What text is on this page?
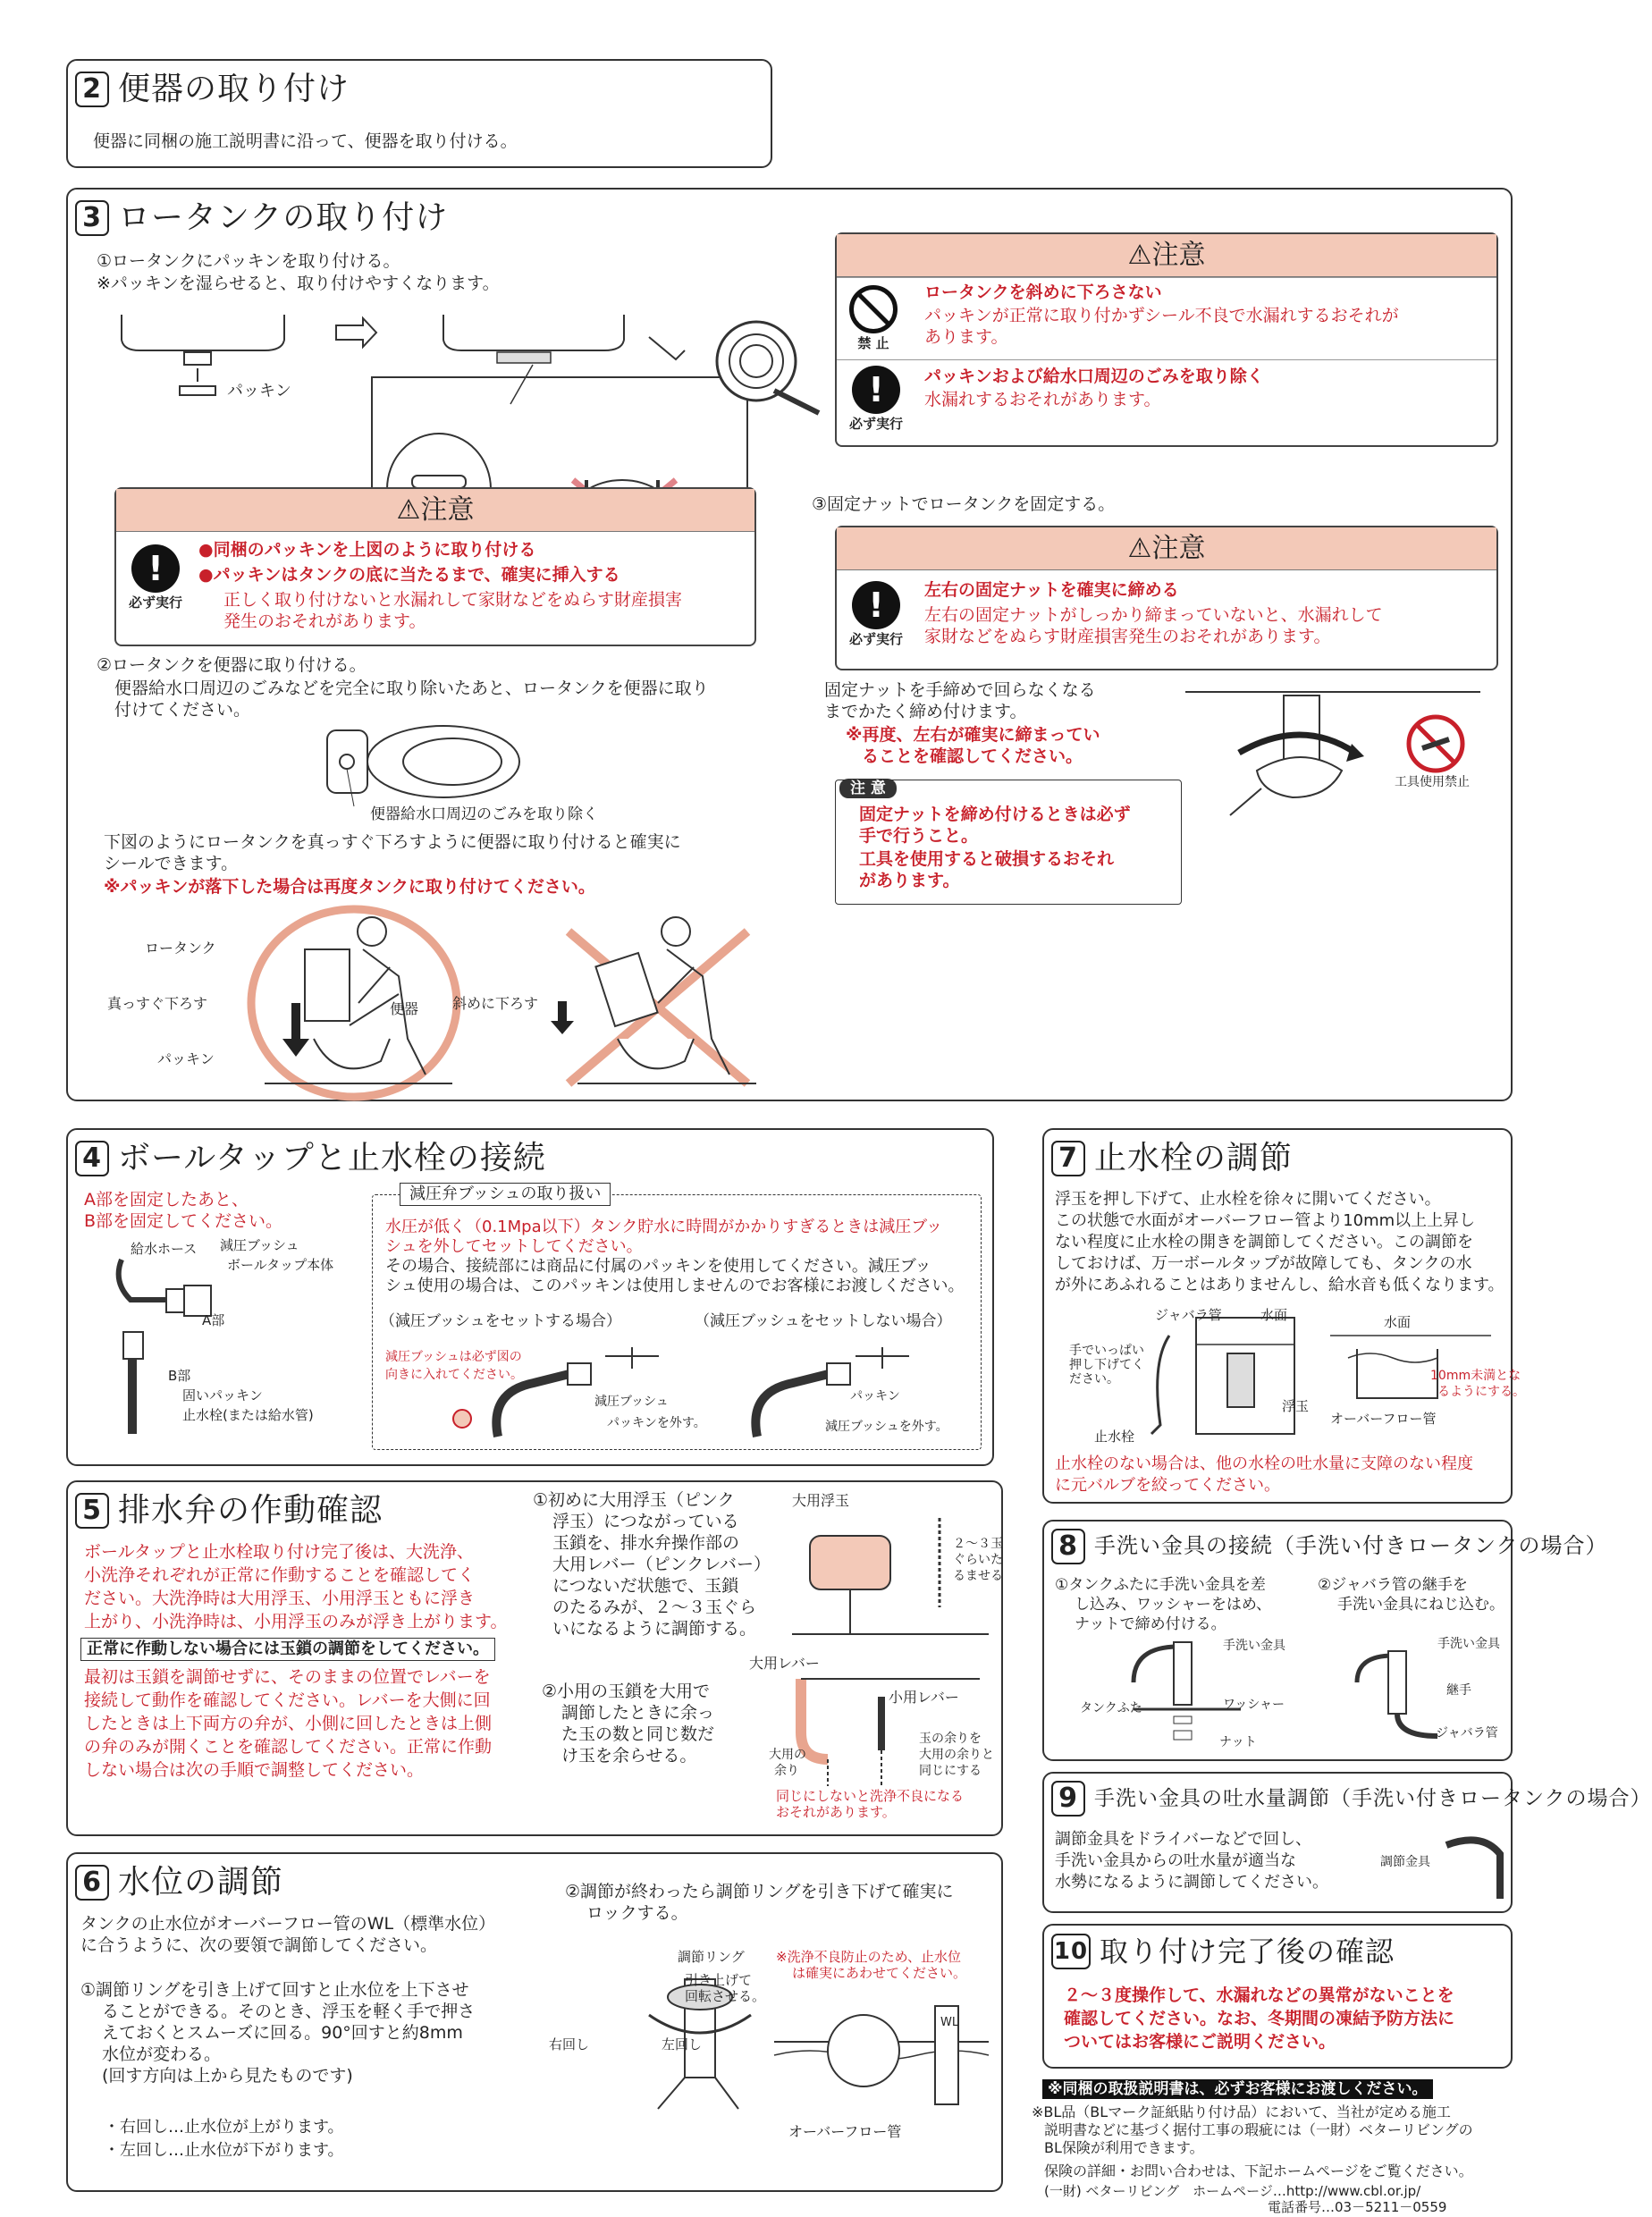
2 便器の取り付け
便器に同梱の施工説明書に沿って、便器を取り付ける。
3 ロータンクの取り付け
①ロータンクにパッキンを取り付ける。
※パッキンを湿らせると、取り付けやすくなります。
パッキン
⚠注意
!
必ず実行
●同梱のパッキンを上図のように取り付ける
●パッキンはタンクの底に当たるまで、確実に挿入する
正しく取り付けないと水漏れして家財などをぬらす財産損害
発生のおそれがあります。
②ロータンクを便器に取り付ける。
便器給水口周辺のごみなどを完全に取り除いたあと、ロータンクを便器に取り
付けてください。
便器給水口周辺のごみを取り除く
下図のようにロータンクを真っすぐ下ろすように便器に取り付けると確実に
シールできます。
※パッキンが落下した場合は再度タンクに取り付けてください。
ロータンク
真っすぐ下ろす	便器
パッキン
斜めに下ろす
⚠注意
禁 止
ロータンクを斜めに下ろさない
パッキンが正常に取り付かずシール不良で水漏れするおそれが
あります。
!
必ず実行
パッキンおよび給水口周辺のごみを取り除く
水漏れするおそれがあります。
③固定ナットでロータンクを固定する。
⚠注意
!
必ず実行
左右の固定ナットを確実に締める
左右の固定ナットがしっかり締まっていないと、水漏れして
家財などをぬらす財産損害発生のおそれがあります。
固定ナットを手締めで回らなくなる
までかたく締め付けます。
※再度、左右が確実に締まってい
ることを確認してください。
注 意
固定ナットを締め付けるときは必ず
手で行うこと。
工具を使用すると破損するおそれ
があります。
工具使用禁止
4 ボールタップと止水栓の接続
A部を固定したあと、
B部を固定してください。
給水ホース 減圧ブッシュ
ボールタップ本体
A部
B部
固いパッキン
止水栓(または給水管)
減圧弁ブッシュの取り扱い
水圧が低く（0.1Mpa以下）タンク貯水に時間がかかりすぎるときは減圧ブッ
シュを外してセットしてください。
その場合、接続部には商品に付属のパッキンを使用してください。減圧ブッ
シュ使用の場合は、このパッキンは使用しませんのでお客様にお渡しください。
（減圧ブッシュをセットする場合）	（減圧ブッシュをセットしない場合）
減圧ブッシュは必ず図の
向きに入れてください。
減圧ブッシュ
パッキンを外す。
パッキン
減圧ブッシュを外す。
5 排水弁の作動確認
ボールタップと止水栓取り付け完了後は、大洗浄、
小洗浄それぞれが正常に作動することを確認してく
ださい。大洗浄時は大用浮玉、小用浮玉ともに浮き
上がり、小洗浄時は、小用浮玉のみが浮き上がります。
正常に作動しない場合には玉鎖の調節をしてください。
最初は玉鎖を調節せずに、そのままの位置でレバーを
接続して動作を確認してください。レバーを大側に回
したときは上下両方の弁が、小側に回したときは上側
の弁のみが開くことを確認してください。正常に作動
しない場合は次の手順で調整してください。
①初めに大用浮玉（ピンク
浮玉）につながっている
玉鎖を、排水弁操作部の
大用レバー（ピンクレバー）
につないだ状態で、玉鎖
のたるみが、２～３玉ぐら
いになるように調節する。
大用浮玉
２～３玉
ぐらいた
るませる
②小用の玉鎖を大用で
調節したときに余っ
た玉の数と同じ数だ
け玉を余らせる。
大用レバー
小用レバー
大用の
余り
玉の余りを
大用の余りと
同じにする
同じにしないと洗浄不良になる
おそれがあります。
6 水位の調節
タンクの止水位がオーバーフロー管のWL（標準水位）
に合うように、次の要領で調節してください。
①調節リングを引き上げて回すと止水位を上下させ
ることができる。そのとき、浮玉を軽く手で押さ
えておくとスムーズに回る。90°回すと約8mm
水位が変わる。
(回す方向は上から見たものです)
・右回し…止水位が上がります。
・左回し…止水位が下がります。
②調節が終わったら調節リングを引き下げて確実に
ロックする。
調節リング
引き上げて
回転させる。
右回し	左回し
※洗浄不良防止のため、止水位
は確実にあわせてください。
WL
オーバーフロー管
7 止水栓の調節
浮玉を押し下げて、止水栓を徐々に開いてください。
この状態で水面がオーバーフロー管より10mm以上上昇し
ない程度に止水栓の開きを調節してください。この調節を
しておけば、万一ボールタップが故障しても、タンクの水
が外にあふれることはありませんし、給水音も低くなります。
ジャバラ管	水面	水面
手でいっぱい
押し下げてく
ださい。
浮玉
止水栓
オーバーフロー管
10mm未満とな
るようにする。
止水栓のない場合は、他の水栓の吐水量に支障のない程度
に元バルブを絞ってください。
8 手洗い金具の接続（手洗い付きロータンクの場合）
①タンクふたに手洗い金具を差
し込み、ワッシャーをはめ、
ナットで締め付ける。
②ジャバラ管の継手を
手洗い金具にねじ込む。
手洗い金具
タンクふた	ワッシャー
ナット
手洗い金具
継手
ジャバラ管
9 手洗い金具の吐水量調節（手洗い付きロータンクの場合）
調節金具をドライバーなどで回し、
手洗い金具からの吐水量が適当な
水勢になるように調節してください。
調節金具
10 取り付け完了後の確認
２～３度操作して、水漏れなどの異常がないことを
確認してください。なお、冬期間の凍結予防方法に
ついてはお客様にご説明ください。
※同梱の取扱説明書は、必ずお客様にお渡しください。
※BL品（BLマーク証紙貼り付け品）において、当社が定める施工
説明書などに基づく据付工事の瑕疵には（一財）ベターリビングの
BL保険が利用できます。
保険の詳細・お問い合わせは、下記ホームページをご覧ください。
(一財) ベターリビング　ホームページ…http://www.cbl.or.jp/
電話番号…03－5211－0559
